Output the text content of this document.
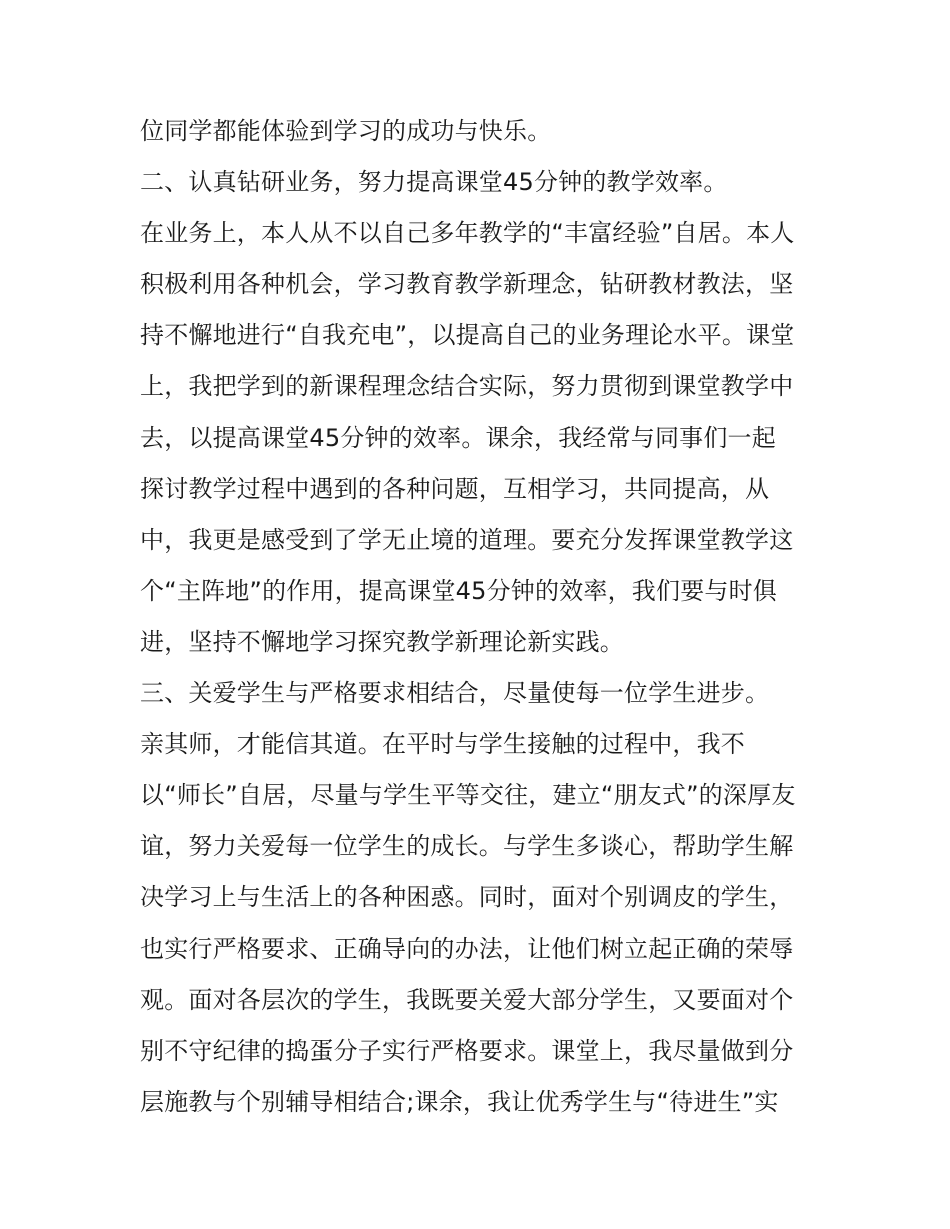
位同学都能体验到学习的成功与快乐。
二、认真钻研业务，努力提高课堂45分钟的教学效率。
在业务上，本人从不以自己多年教学的“丰富经验”自居。本人
积极利用各种机会，学习教育教学新理念，钻研教材教法，坚
持不懈地进行“自我充电”，以提高自己的业务理论水平。课堂
上，我把学到的新课程理念结合实际，努力贯彻到课堂教学中
去，以提高课堂45分钟的效率。课余，我经常与同事们一起
探讨教学过程中遇到的各种问题，互相学习，共同提高，从
中，我更是感受到了学无止境的道理。要充分发挥课堂教学这
个“主阵地”的作用，提高课堂45分钟的效率，我们要与时俱
进，坚持不懈地学习探究教学新理论新实践。
三、关爱学生与严格要求相结合，尽量使每一位学生进步。
亲其师，才能信其道。在平时与学生接触的过程中，我不
以“师长”自居，尽量与学生平等交往，建立“朋友式”的深厚友
谊，努力关爱每一位学生的成长。与学生多谈心，帮助学生解
决学习上与生活上的各种困惑。同时，面对个别调皮的学生，
也实行严格要求、正确导向的办法，让他们树立起正确的荣辱
观。面对各层次的学生，我既要关爱大部分学生，又要面对个
别不守纪律的捣蛋分子实行严格要求。课堂上，我尽量做到分
层施教与个别辅导相结合;课余，我让优秀学生与“待进生”实
